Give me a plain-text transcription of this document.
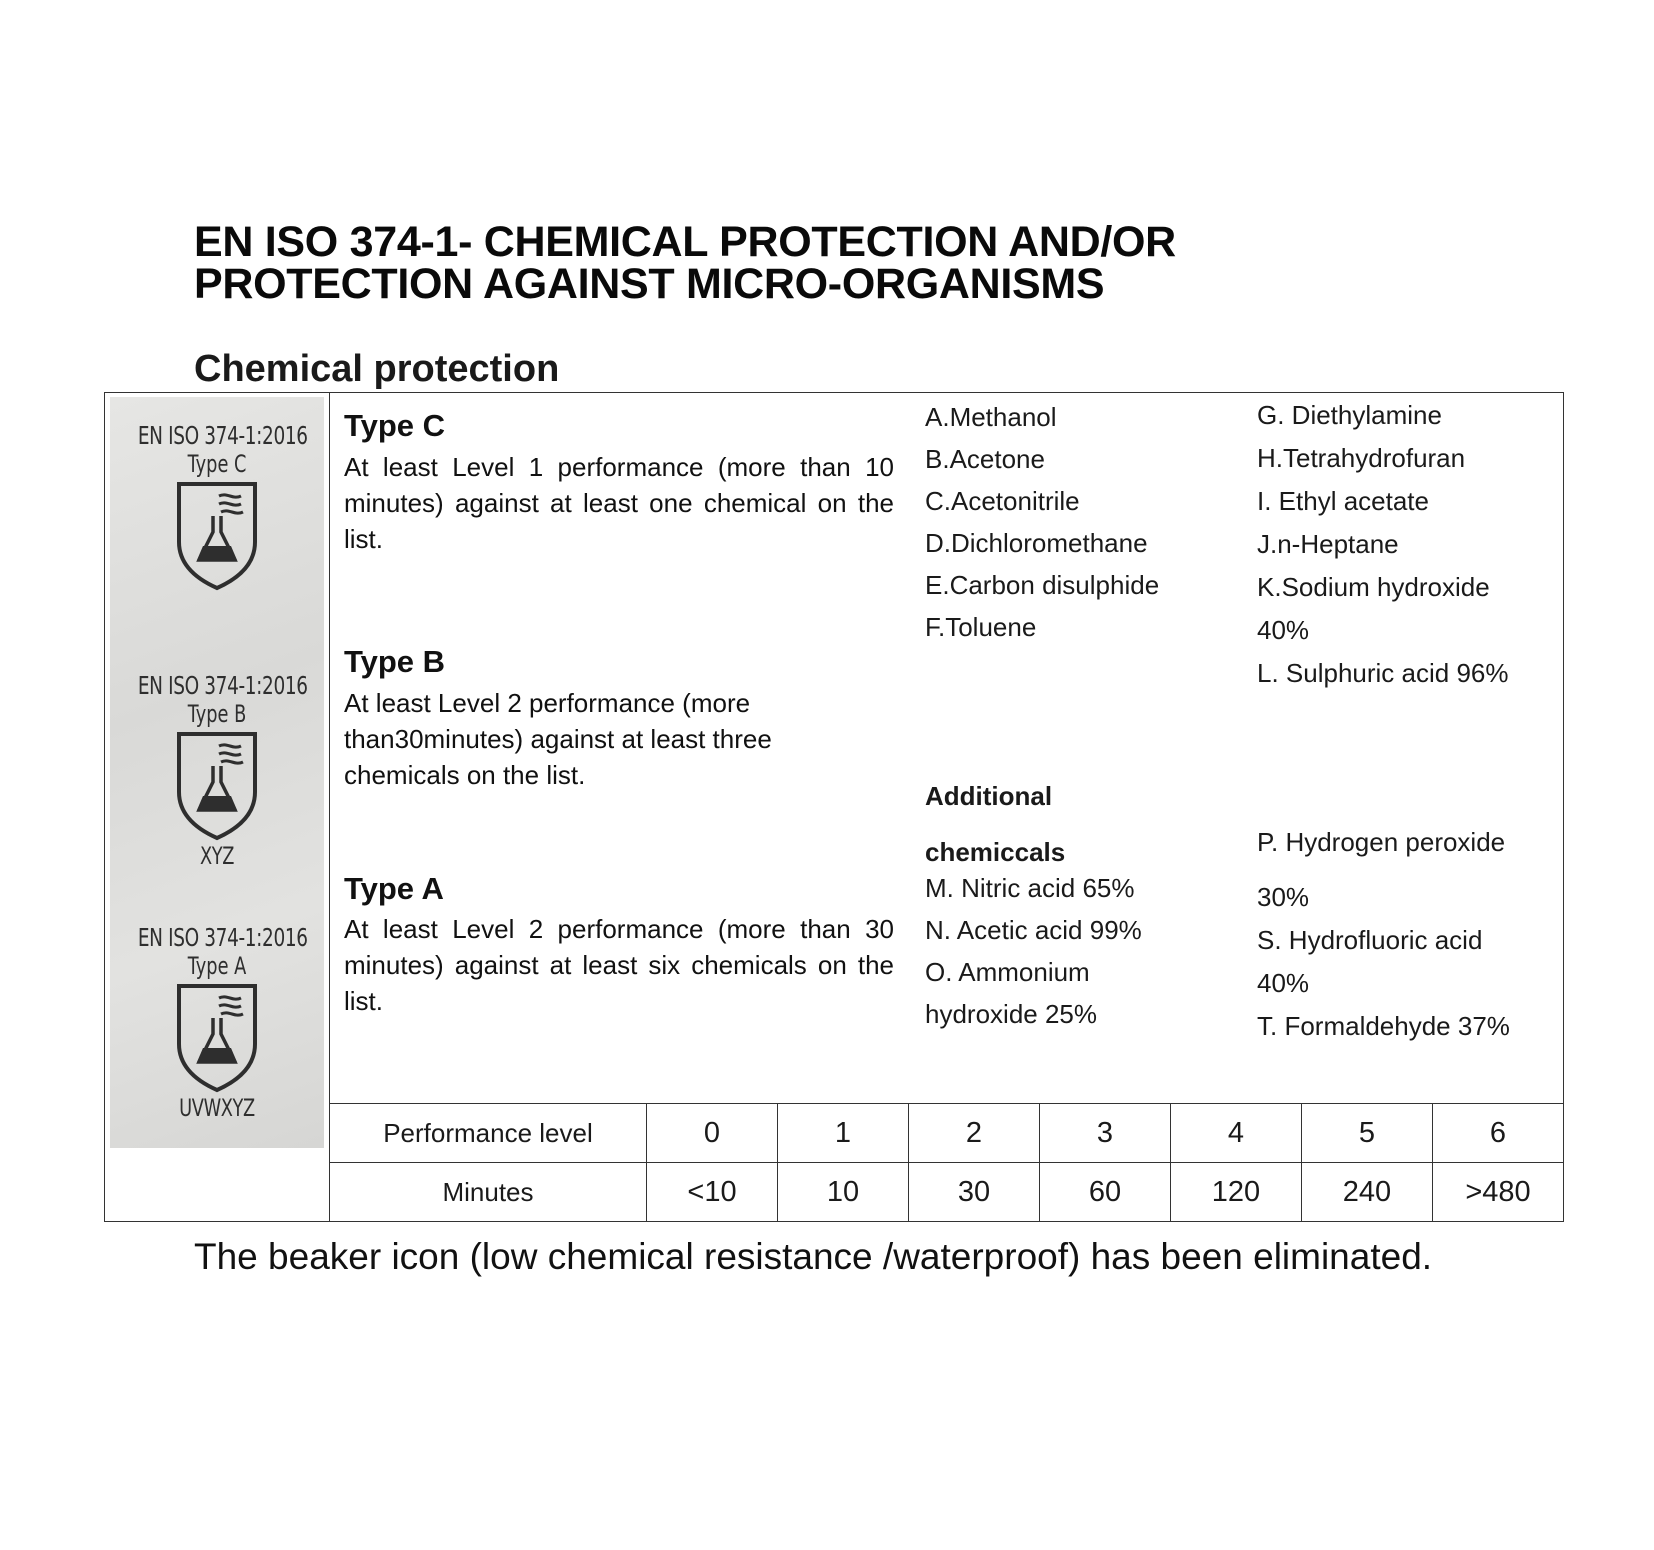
EN ISO 374-1- CHEMICAL PROTECTION AND/OR
PROTECTION AGAINST MICRO-ORGANISMS
Chemical protection
EN ISO 374-1:2016
Type C
EN ISO 374-1:2016
Type B
XYZ
EN ISO 374-1:2016
Type A
UVWXYZ
Type C

At least Level 1 performance (more than 10 minutes) against at least one chemical on the list.

Type B

At least Level 2 performance (more than30minutes) against at least three chemicals on the list.

Type A

At least Level 2 performance (more than 30 minutes) against at least six chemicals on the list.

A.Methanol
B.Acetone
C.Acetonitrile
D.Dichloromethane
E.Carbon disulphide
F.Toluene
G. Diethylamine
H.Tetrahydrofuran
I. Ethyl acetate
J.n-Heptane
K.Sodium hydroxide
40%
L. Sulphuric acid 96%
Additional
chemiccals
M. Nitric acid 65%
N. Acetic acid 99%
O. Ammonium
hydroxide 25%
P. Hydrogen peroxide
30%
S. Hydrofluoric acid
40%
T. Formaldehyde 37%
Performance level	0	1	2	3	4	5	6
Minutes	<10	10	30	60	120	240	>480

The beaker icon (low chemical resistance /waterproof) has been eliminated.
